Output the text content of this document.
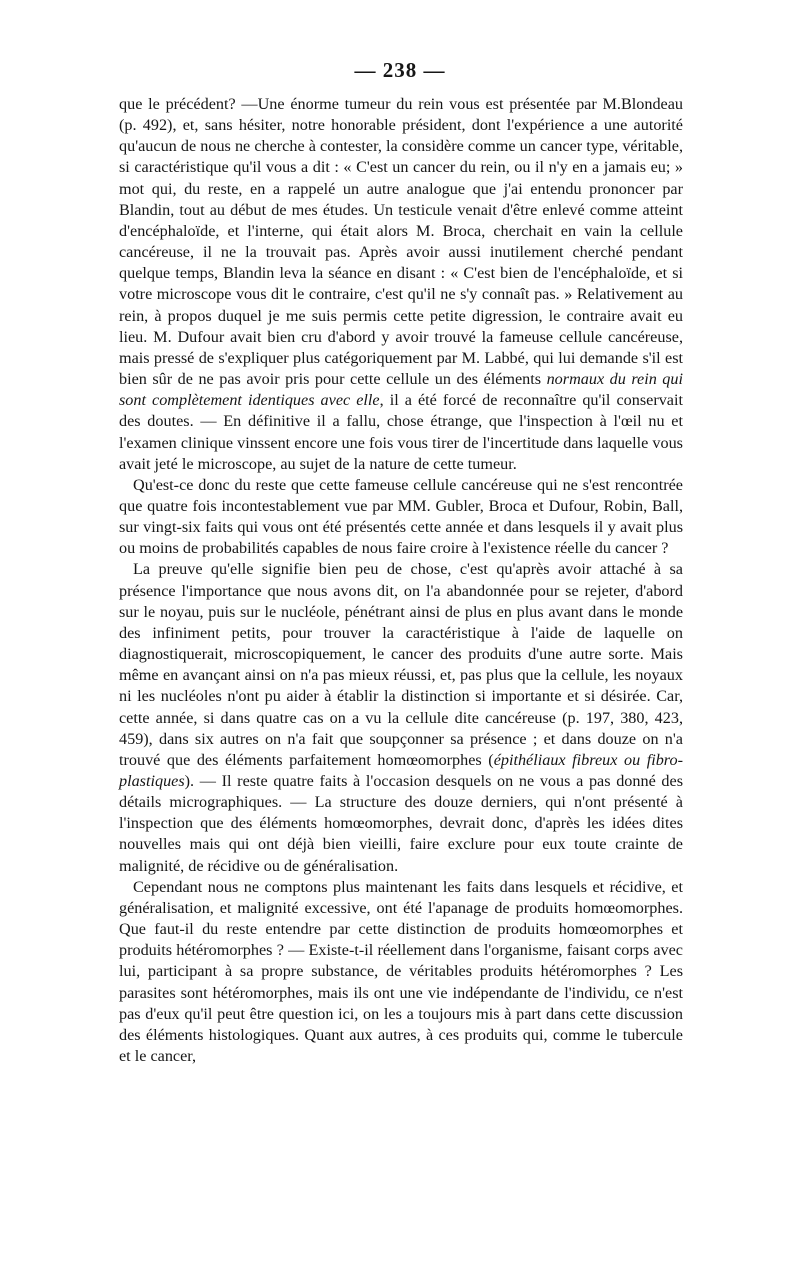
— 238 —

que le précédent? —Une énorme tumeur du rein vous est présentée par M.Blondeau (p. 492), et, sans hésiter, notre honorable président, dont l'expérience a une autorité qu'aucun de nous ne cherche à contester, la considère comme un cancer type, véritable, si caractéristique qu'il vous a dit : « C'est un cancer du rein, ou il n'y en a jamais eu; » mot qui, du reste, en a rappelé un autre analogue que j'ai entendu prononcer par Blandin, tout au début de mes études. Un testicule venait d'être enlevé comme atteint d'encéphaloïde, et l'interne, qui était alors M. Broca, cherchait en vain la cellule cancéreuse, il ne la trouvait pas. Après avoir aussi inutilement cherché pendant quelque temps, Blandin leva la séance en disant : « C'est bien de l'encéphaloïde, et si votre microscope vous dit le contraire, c'est qu'il ne s'y connaît pas. » Relativement au rein, à propos duquel je me suis permis cette petite digression, le contraire avait eu lieu. M. Dufour avait bien cru d'abord y avoir trouvé la fameuse cellule cancéreuse, mais pressé de s'expliquer plus catégoriquement par M. Labbé, qui lui demande s'il est bien sûr de ne pas avoir pris pour cette cellule un des éléments normaux du rein qui sont complètement identiques avec elle, il a été forcé de reconnaître qu'il conservait des doutes. — En définitive il a fallu, chose étrange, que l'inspection à l'œil nu et l'examen clinique vinssent encore une fois vous tirer de l'incertitude dans laquelle vous avait jeté le microscope, au sujet de la nature de cette tumeur.

Qu'est-ce donc du reste que cette fameuse cellule cancéreuse qui ne s'est rencontrée que quatre fois incontestablement vue par MM. Gubler, Broca et Dufour, Robin, Ball, sur vingt-six faits qui vous ont été présentés cette année et dans lesquels il y avait plus ou moins de probabilités capables de nous faire croire à l'existence réelle du cancer ?

La preuve qu'elle signifie bien peu de chose, c'est qu'après avoir attaché à sa présence l'importance que nous avons dit, on l'a abandonnée pour se rejeter, d'abord sur le noyau, puis sur le nucléole, pénétrant ainsi de plus en plus avant dans le monde des infiniment petits, pour trouver la caractéristique à l'aide de laquelle on diagnostiquerait, microscopiquement, le cancer des produits d'une autre sorte. Mais même en avançant ainsi on n'a pas mieux réussi, et, pas plus que la cellule, les noyaux ni les nucléoles n'ont pu aider à établir la distinction si importante et si désirée. Car, cette année, si dans quatre cas on a vu la cellule dite cancéreuse (p. 197, 380, 423, 459), dans six autres on n'a fait que soupçonner sa présence ; et dans douze on n'a trouvé que des éléments parfaitement homœomorphes (épithéliaux fibreux ou fibro-plastiques). — Il reste quatre faits à l'occasion desquels on ne vous a pas donné des détails micrographiques. — La structure des douze derniers, qui n'ont présenté à l'inspection que des éléments homœomorphes, devrait donc, d'après les idées dites nouvelles mais qui ont déjà bien vieilli, faire exclure pour eux toute crainte de malignité, de récidive ou de généralisation.

Cependant nous ne comptons plus maintenant les faits dans lesquels et récidive, et généralisation, et malignité excessive, ont été l'apanage de produits homœomorphes. Que faut-il du reste entendre par cette distinction de produits homœomorphes et produits hétéromorphes ? — Existe-t-il réellement dans l'organisme, faisant corps avec lui, participant à sa propre substance, de véritables produits hétéromorphes ? Les parasites sont hétéromorphes, mais ils ont une vie indépendante de l'individu, ce n'est pas d'eux qu'il peut être question ici, on les a toujours mis à part dans cette discussion des éléments histologiques. Quant aux autres, à ces produits qui, comme le tubercule et le cancer,
